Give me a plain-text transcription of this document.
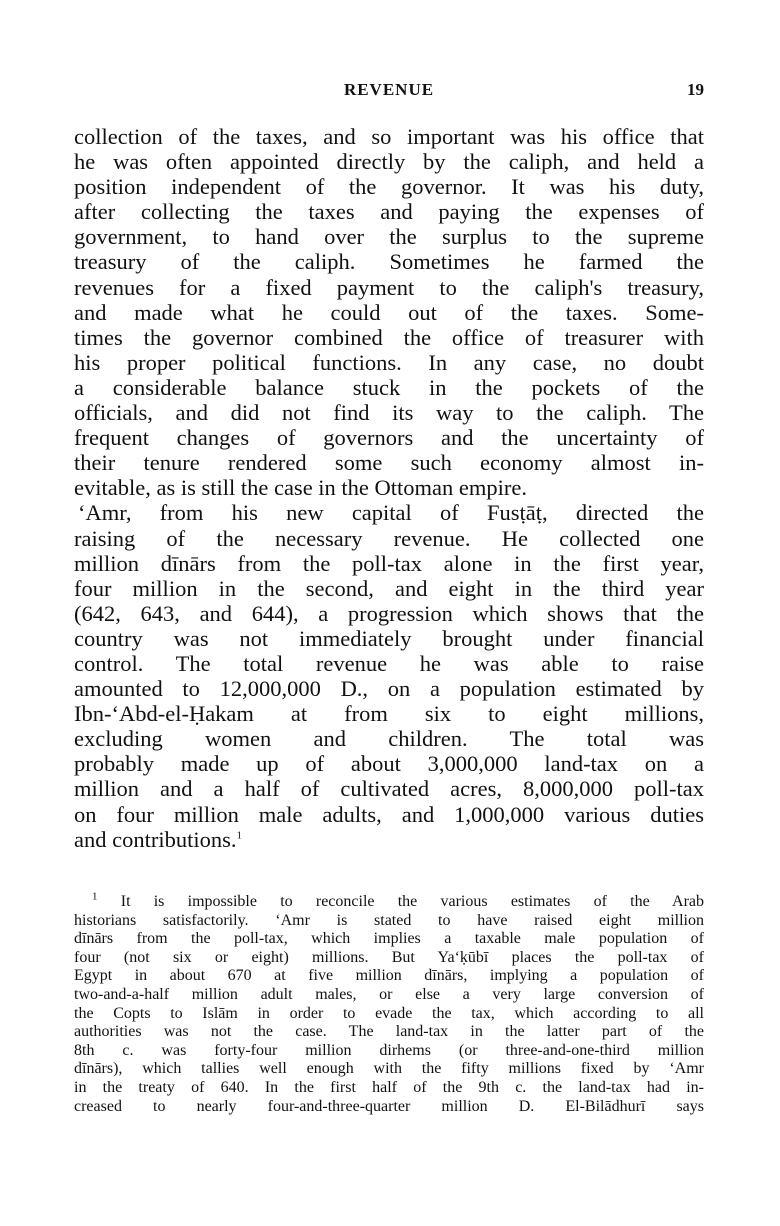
REVENUE	19
collection of the taxes, and so important was his office that
he was often appointed directly by the caliph, and held a
position independent of the governor. It was his duty,
after collecting the taxes and paying the expenses of
government, to hand over the surplus to the supreme
treasury of the caliph. Sometimes he farmed the
revenues for a fixed payment to the caliph's treasury,
and made what he could out of the taxes. Some-
times the governor combined the office of treasurer with
his proper political functions. In any case, no doubt
a considerable balance stuck in the pockets of the
officials, and did not find its way to the caliph. The
frequent changes of governors and the uncertainty of
their tenure rendered some such economy almost in-
evitable, as is still the case in the Ottoman empire.
‘Amr, from his new capital of Fusṭāṭ, directed the
raising of the necessary revenue. He collected one
million dīnārs from the poll-tax alone in the first year,
four million in the second, and eight in the third year
(642, 643, and 644), a progression which shows that the
country was not immediately brought under financial
control. The total revenue he was able to raise
amounted to 12,000,000 D., on a population estimated by
Ibn-‘Abd-el-Ḥakam at from six to eight millions,
excluding women and children. The total was
probably made up of about 3,000,000 land-tax on a
million and a half of cultivated acres, 8,000,000 poll-tax
on four million male adults, and 1,000,000 various duties
and contributions.$^1$
$^1$ It is impossible to reconcile the various estimates of the Arab
historians satisfactorily. ‘Amr is stated to have raised eight million
dīnārs from the poll-tax, which implies a taxable male population of
four (not six or eight) millions. But Ya‘ḳūbī places the poll-tax of
Egypt in about 670 at five million dīnārs, implying a population of
two-and-a-half million adult males, or else a very large conversion of
the Copts to Islām in order to evade the tax, which according to all
authorities was not the case. The land-tax in the latter part of the
8th c. was forty-four million dirhems (or three-and-one-third million
dīnārs), which tallies well enough with the fifty millions fixed by ‘Amr
in the treaty of 640. In the first half of the 9th c. the land-tax had in-
creased to nearly four-and-three-quarter million D. El-Bilādhurī says
